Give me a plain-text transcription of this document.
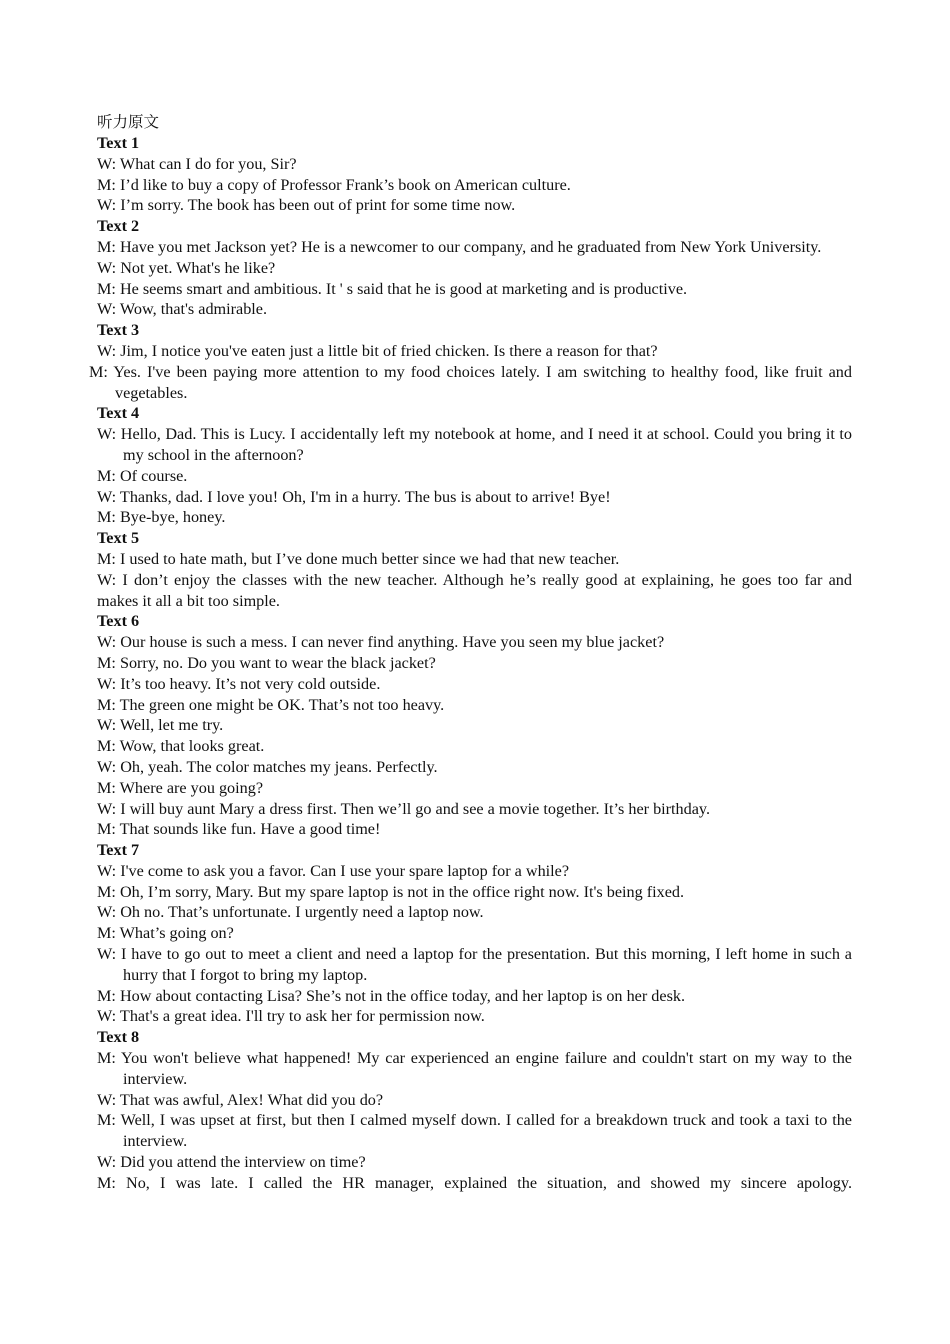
听力原文
Text 1
W: What can I do for you, Sir?
M: I’d like to buy a copy of Professor Frank’s book on American culture.
W: I’m sorry. The book has been out of print for some time now.
Text 2
M: Have you met Jackson yet? He is a newcomer to our company, and he graduated from New York University.
W: Not yet. What's he like?
M: He seems smart and ambitious. It ' s said that he is good at marketing and is productive.
W: Wow, that's admirable.
Text 3
W: Jim, I notice you've eaten just a little bit of fried chicken. Is there a reason for that?
M: Yes. I've been paying more attention to my food choices lately. I am switching to healthy food, like fruit and vegetables.
Text 4
W: Hello, Dad. This is Lucy. I accidentally left my notebook at home, and I need it at school. Could you bring it to my school in the afternoon?
M: Of course.
W: Thanks, dad. I love you! Oh, I'm in a hurry. The bus is about to arrive! Bye!
M: Bye-bye, honey.
Text 5
M: I used to hate math, but I’ve done much better since we had that new teacher.
W: I don’t enjoy the classes with the new teacher. Although he’s really good at explaining, he goes too far and makes it all a bit too simple.
Text 6
W: Our house is such a mess. I can never find anything. Have you seen my blue jacket?
M: Sorry, no. Do you want to wear the black jacket?
W: It’s too heavy. It’s not very cold outside.
M: The green one might be OK. That’s not too heavy.
W: Well, let me try.
M: Wow, that looks great.
W: Oh, yeah. The color matches my jeans. Perfectly.
M: Where are you going?
W: I will buy aunt Mary a dress first. Then we’ll go and see a movie together. It’s her birthday.
M: That sounds like fun. Have a good time!
Text 7
W: I've come to ask you a favor. Can I use your spare laptop for a while?
M: Oh, I’m sorry, Mary. But my spare laptop is not in the office right now. It's being fixed.
W: Oh no. That’s unfortunate. I urgently need a laptop now.
M: What’s going on?
W: I have to go out to meet a client and need a laptop for the presentation. But this morning, I left home in such a hurry that I forgot to bring my laptop.
M: How about contacting Lisa? She’s not in the office today, and her laptop is on her desk.
W: That's a great idea. I'll try to ask her for permission now.
Text 8
M: You won't believe what happened! My car experienced an engine failure and couldn't start on my way to the interview.
W: That was awful, Alex! What did you do?
M: Well, I was upset at first, but then I calmed myself down. I called for a breakdown truck and took a taxi to the interview.
W: Did you attend the interview on time?
M: No, I was late. I called the HR manager, explained the situation, and showed my sincere apology.
